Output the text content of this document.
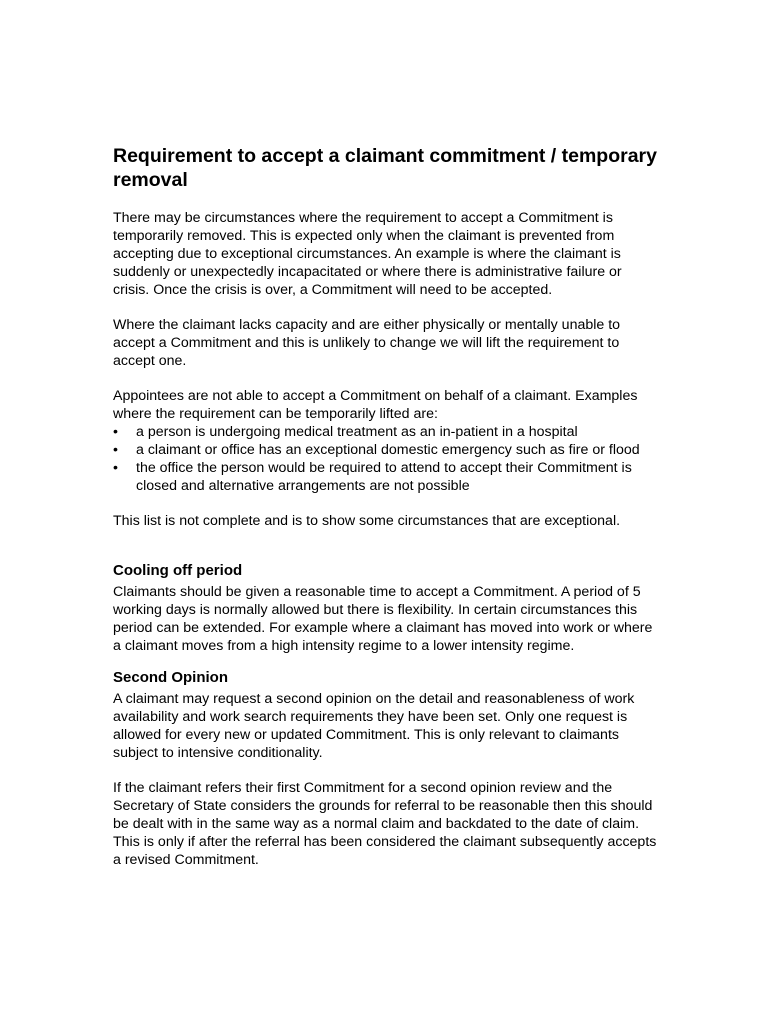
Requirement to accept a claimant commitment / temporary removal

There may be circumstances where the requirement to accept a Commitment is temporarily removed. This is expected only when the claimant is prevented from accepting due to exceptional circumstances. An example is where the claimant is suddenly or unexpectedly incapacitated or where there is administrative failure or crisis. Once the crisis is over, a Commitment will need to be accepted.

Where the claimant lacks capacity and are either physically or mentally unable to accept a Commitment and this is unlikely to change we will lift the requirement to accept one.

Appointees are not able to accept a Commitment on behalf of a claimant. Examples where the requirement can be temporarily lifted are:

•	a person is undergoing medical treatment as an in-patient in a hospital
•	a claimant or office has an exceptional domestic emergency such as fire or flood
•	the office the person would be required to attend to accept their Commitment is closed and alternative arrangements are not possible

This list is not complete and is to show some circumstances that are exceptional.

Cooling off period

Claimants should be given a reasonable time to accept a Commitment. A period of 5 working days is normally allowed but there is flexibility. In certain circumstances this period can be extended. For example where a claimant has moved into work or where a claimant moves from a high intensity regime to a lower intensity regime.

Second Opinion

A claimant may request a second opinion on the detail and reasonableness of work availability and work search requirements they have been set. Only one request is allowed for every new or updated Commitment. This is only relevant to claimants subject to intensive conditionality.

If the claimant refers their first Commitment for a second opinion review and the Secretary of State considers the grounds for referral to be reasonable then this should be dealt with in the same way as a normal claim and backdated to the date of claim. This is only if after the referral has been considered the claimant subsequently accepts a revised Commitment.
